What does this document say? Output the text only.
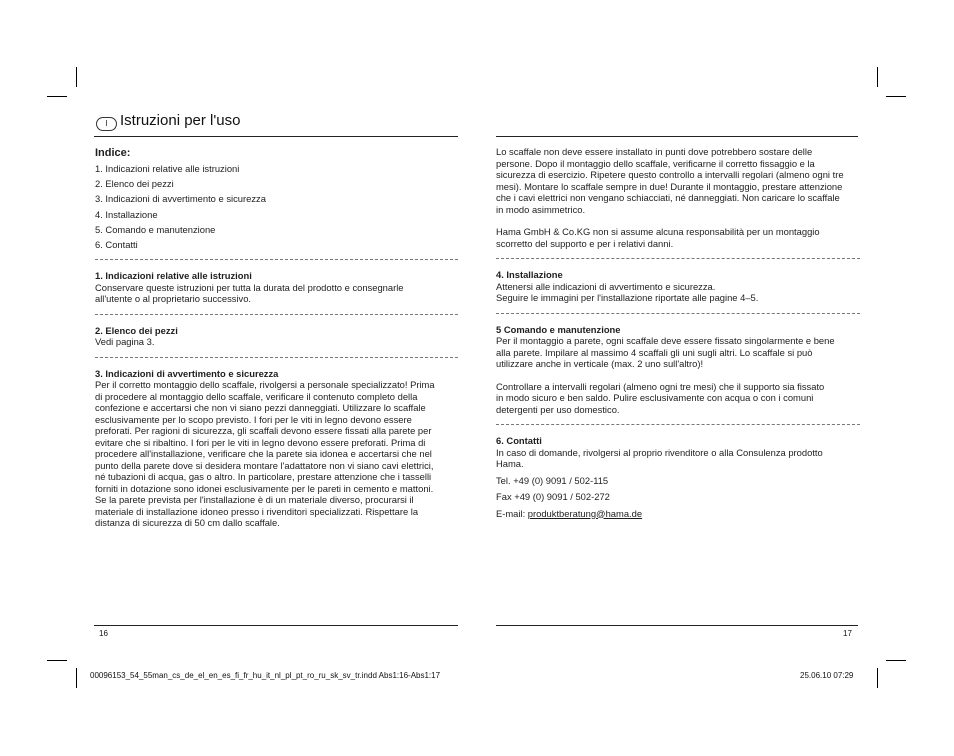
I Istruzioni per l'uso

Indice:

1. Indicazioni relative alle istruzioni

2. Elenco dei pezzi

3. Indicazioni di avvertimento e sicurezza

4. Installazione

5. Comando e manutenzione

6. Contatti

1. Indicazioni relative alle istruzioni

Conservare queste istruzioni per tutta la durata del prodotto e consegnarle
all'utente o al proprietario successivo.

2. Elenco dei pezzi

Vedi pagina 3.

3. Indicazioni di avvertimento e sicurezza

Per il corretto montaggio dello scaffale, rivolgersi a personale specializzato! Prima
di procedere al montaggio dello scaffale, verificare il contenuto completo della
confezione e accertarsi che non vi siano pezzi danneggiati. Utilizzare lo scaffale
esclusivamente per lo scopo previsto. I fori per le viti in legno devono essere
preforati. Per ragioni di sicurezza, gli scaffali devono essere fissati alla parete per
evitare che si ribaltino. I fori per le viti in legno devono essere preforati. Prima di
procedere all'installazione, verificare che la parete sia idonea e accertarsi che nel
punto della parete dove si desidera montare l'adattatore non vi siano cavi elettrici,
né tubazioni di acqua, gas o altro. In particolare, prestare attenzione che i tasselli
forniti in dotazione sono idonei esclusivamente per le pareti in cemento e mattoni.
Se la parete prevista per l'installazione è di un materiale diverso, procurarsi il
materiale di installazione idoneo presso i rivenditori specializzati. Rispettare la
distanza di sicurezza di 50 cm dallo scaffale.

Lo scaffale non deve essere installato in punti dove potrebbero sostare delle
persone. Dopo il montaggio dello scaffale, verificarne il corretto fissaggio e la
sicurezza di esercizio. Ripetere questo controllo a intervalli regolari (almeno ogni tre
mesi). Montare lo scaffale sempre in due! Durante il montaggio, prestare attenzione
che i cavi elettrici non vengano schiacciati, né danneggiati. Non caricare lo scaffale
in modo asimmetrico.

Hama GmbH & Co.KG non si assume alcuna responsabilità per un montaggio
scorretto del supporto e per i relativi danni.

4. Installazione

Attenersi alle indicazioni di avvertimento e sicurezza.
Seguire le immagini per l'installazione riportate alle pagine 4–5.

5 Comando e manutenzione

Per il montaggio a parete, ogni scaffale deve essere fissato singolarmente e bene
alla parete. Impilare al massimo 4 scaffali gli uni sugli altri. Lo scaffale si può
utilizzare anche in verticale (max. 2 uno sull'altro)!

Controllare a intervalli regolari (almeno ogni tre mesi) che il supporto sia fissato
in modo sicuro e ben saldo. Pulire esclusivamente con acqua o con i comuni
detergenti per uso domestico.

6. Contatti

In caso di domande, rivolgersi al proprio rivenditore o alla Consulenza prodotto
Hama.

Tel. +49 (0) 9091 / 502-115

Fax +49 (0) 9091 / 502-272

E-mail: produktberatung@hama.de

16	17
00096153_54_55man_cs_de_el_en_es_fi_fr_hu_it_nl_pl_pt_ro_ru_sk_sv_tr.indd Abs1:16-Abs1:17	25.06.10 07:29
